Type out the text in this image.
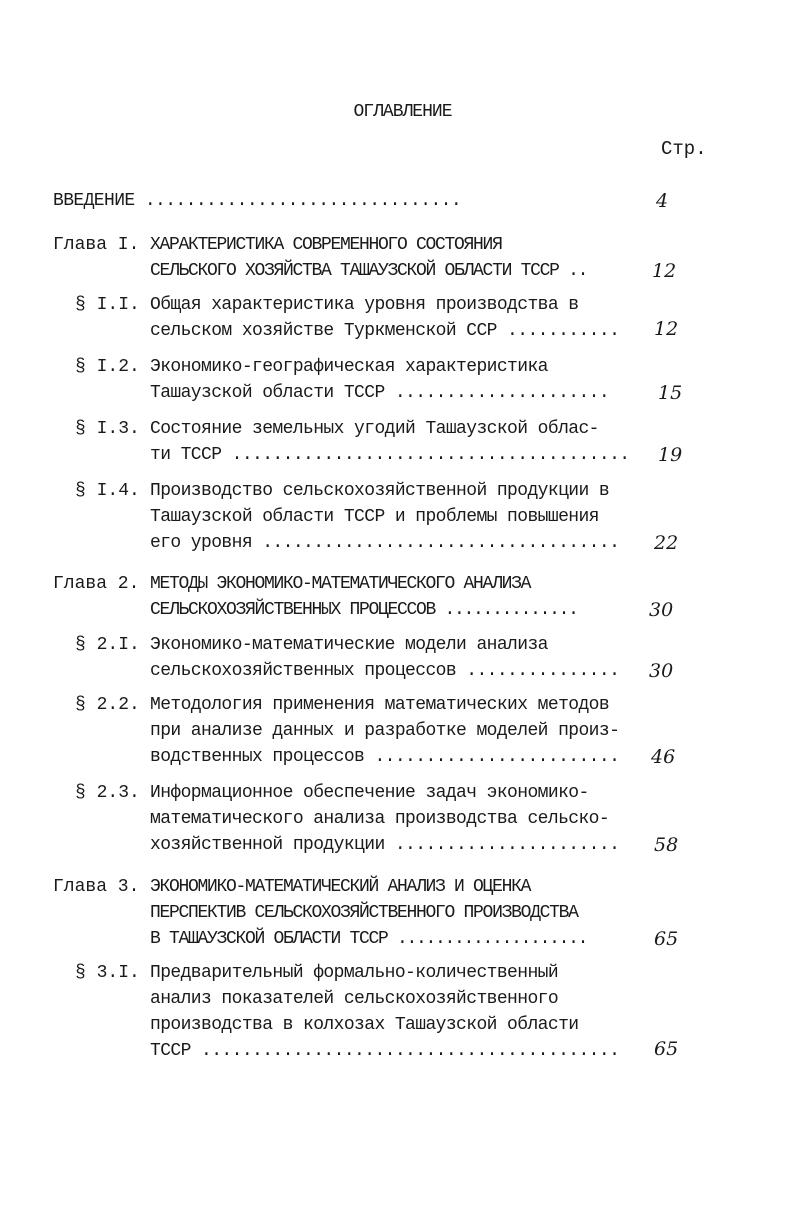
ОГЛАВЛЕНИЕ
Стр.
ВВЕДЕНИЕ ...............................	4
Глава I. ХАРАКТЕРИСТИКА СОВРЕМЕННОГО СОСТОЯНИЯ
СЕЛЬСКОГО ХОЗЯЙСТВА ТАШАУЗСКОЙ ОБЛАСТИ ТССР ..	12
§ I.I. Общая характеристика уровня производства в
сельском хозяйстве Туркменской ССР ........... 12
§ I.2. Экономико-географическая характеристика
Ташаузской области ТССР .....................	15
§ I.3. Состояние земельных угодий Ташаузской облас-
ти ТССР ....................................... 19
§ I.4. Производство сельскохозяйственной продукции в
Ташаузской области ТССР и проблемы повышения
его уровня ................................... 22
Глава 2. МЕТОДЫ ЭКОНОМИКО-МАТЕМАТИЧЕСКОГО АНАЛИЗА
СЕЛЬСКОХОЗЯЙСТВЕННЫХ ПРОЦЕССОВ ..............	30
§ 2.I. Экономико-математические модели анализа
сельскохозяйственных процессов ............... 30
§ 2.2. Методология применения математических методов
при анализе данных и разработке моделей произ-
водственных процессов ........................ 46
§ 2.3. Информационное обеспечение задач экономико-
математического анализа производства сельско-
хозяйственной продукции ...................... 58
Глава 3. ЭКОНОМИКО-МАТЕМАТИЧЕСКИЙ АНАЛИЗ И ОЦЕНКА
ПЕРСПЕКТИВ СЕЛЬСКОХОЗЯЙСТВЕННОГО ПРОИЗВОДСТВА
В ТАШАУЗСКОЙ ОБЛАСТИ ТССР ....................	65
§ 3.I. Предварительный формально-количественный
анализ показателей сельскохозяйственного
производства в колхозах Ташаузской области
ТССР ......................................... 65
